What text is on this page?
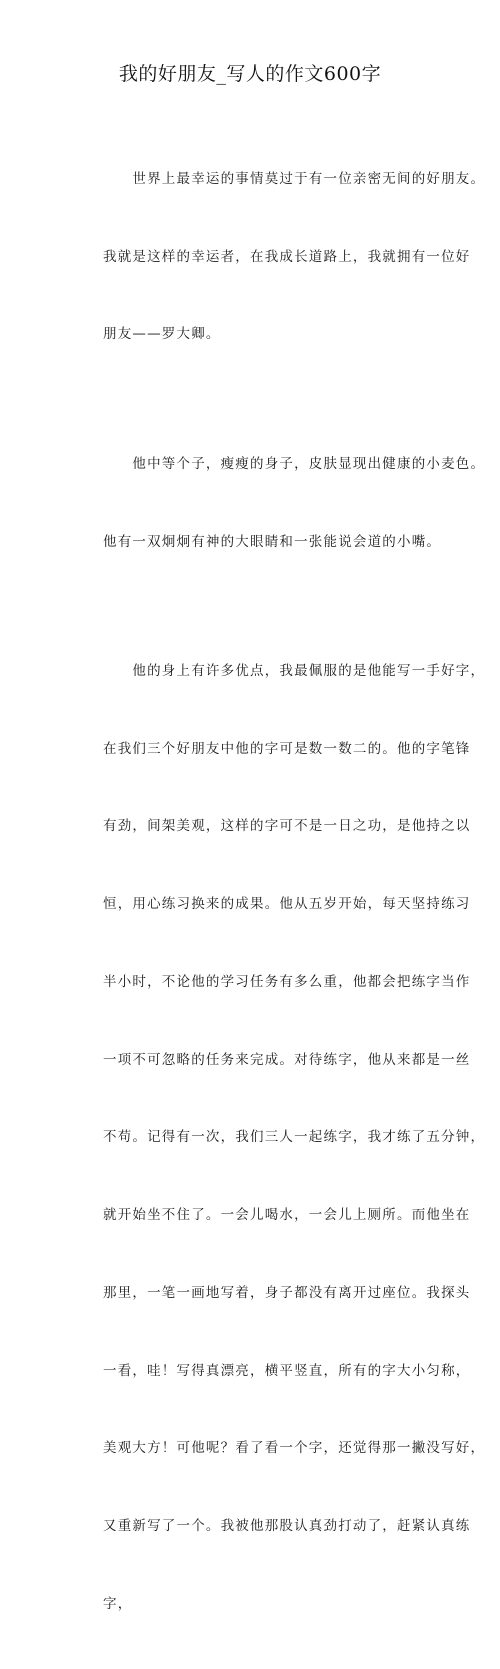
我的好朋友_写人的作文600字

　　世界上最幸运的事情莫过于有一位亲密无间的好朋友。

我就是这样的幸运者，在我成长道路上，我就拥有一位好

朋友——罗大卿。

　　他中等个子，瘦瘦的身子，皮肤显现出健康的小麦色。

他有一双炯炯有神的大眼睛和一张能说会道的小嘴。

　　他的身上有许多优点，我最佩服的是他能写一手好字，

在我们三个好朋友中他的字可是数一数二的。他的字笔锋

有劲，间架美观，这样的字可不是一日之功，是他持之以

恒，用心练习换来的成果。他从五岁开始，每天坚持练习

半小时，不论他的学习任务有多么重，他都会把练字当作

一项不可忽略的任务来完成。对待练字，他从来都是一丝

不苟。记得有一次，我们三人一起练字，我才练了五分钟，

就开始坐不住了。一会儿喝水，一会儿上厕所。而他坐在

那里，一笔一画地写着，身子都没有离开过座位。我探头

一看，哇！写得真漂亮，横平竖直，所有的字大小匀称，

美观大方！可他呢？看了看一个字，还觉得那一撇没写好，

又重新写了一个。我被他那股认真劲打动了，赶紧认真练

字，
